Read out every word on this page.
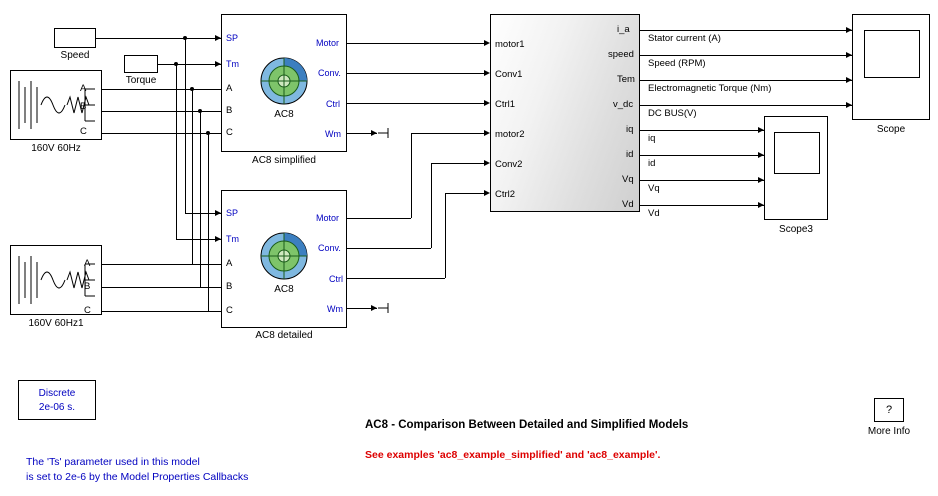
Speed
Torque
160V 60Hz
A
B
C
160V 60Hz1
A
B
C
SP
Tm
A
B
C
Motor
Conv.
Ctrl
Wm
AC8
AC8 simplified
SP
Tm
A
B
C
Motor
Conv.
Ctrl
Wm
AC8
AC8 detailed
motor1
Conv1
Ctrl1
motor2
Conv2
Ctrl2
i_a
speed
Tem
v_dc
iq
id
Vq
Vd
Stator current (A)
Speed (RPM)
Electromagnetic Torque (Nm)
DC BUS(V)
iq
id
Vq
Vd
Scope
Scope3
Discrete
2e-06 s.
AC8 - Comparison Between Detailed and Simplified Models
See examples 'ac8_example_simplified' and 'ac8_example'.
The 'Ts' parameter used in this model
is set to 2e-6 by the Model Properties Callbacks
?
More Info
